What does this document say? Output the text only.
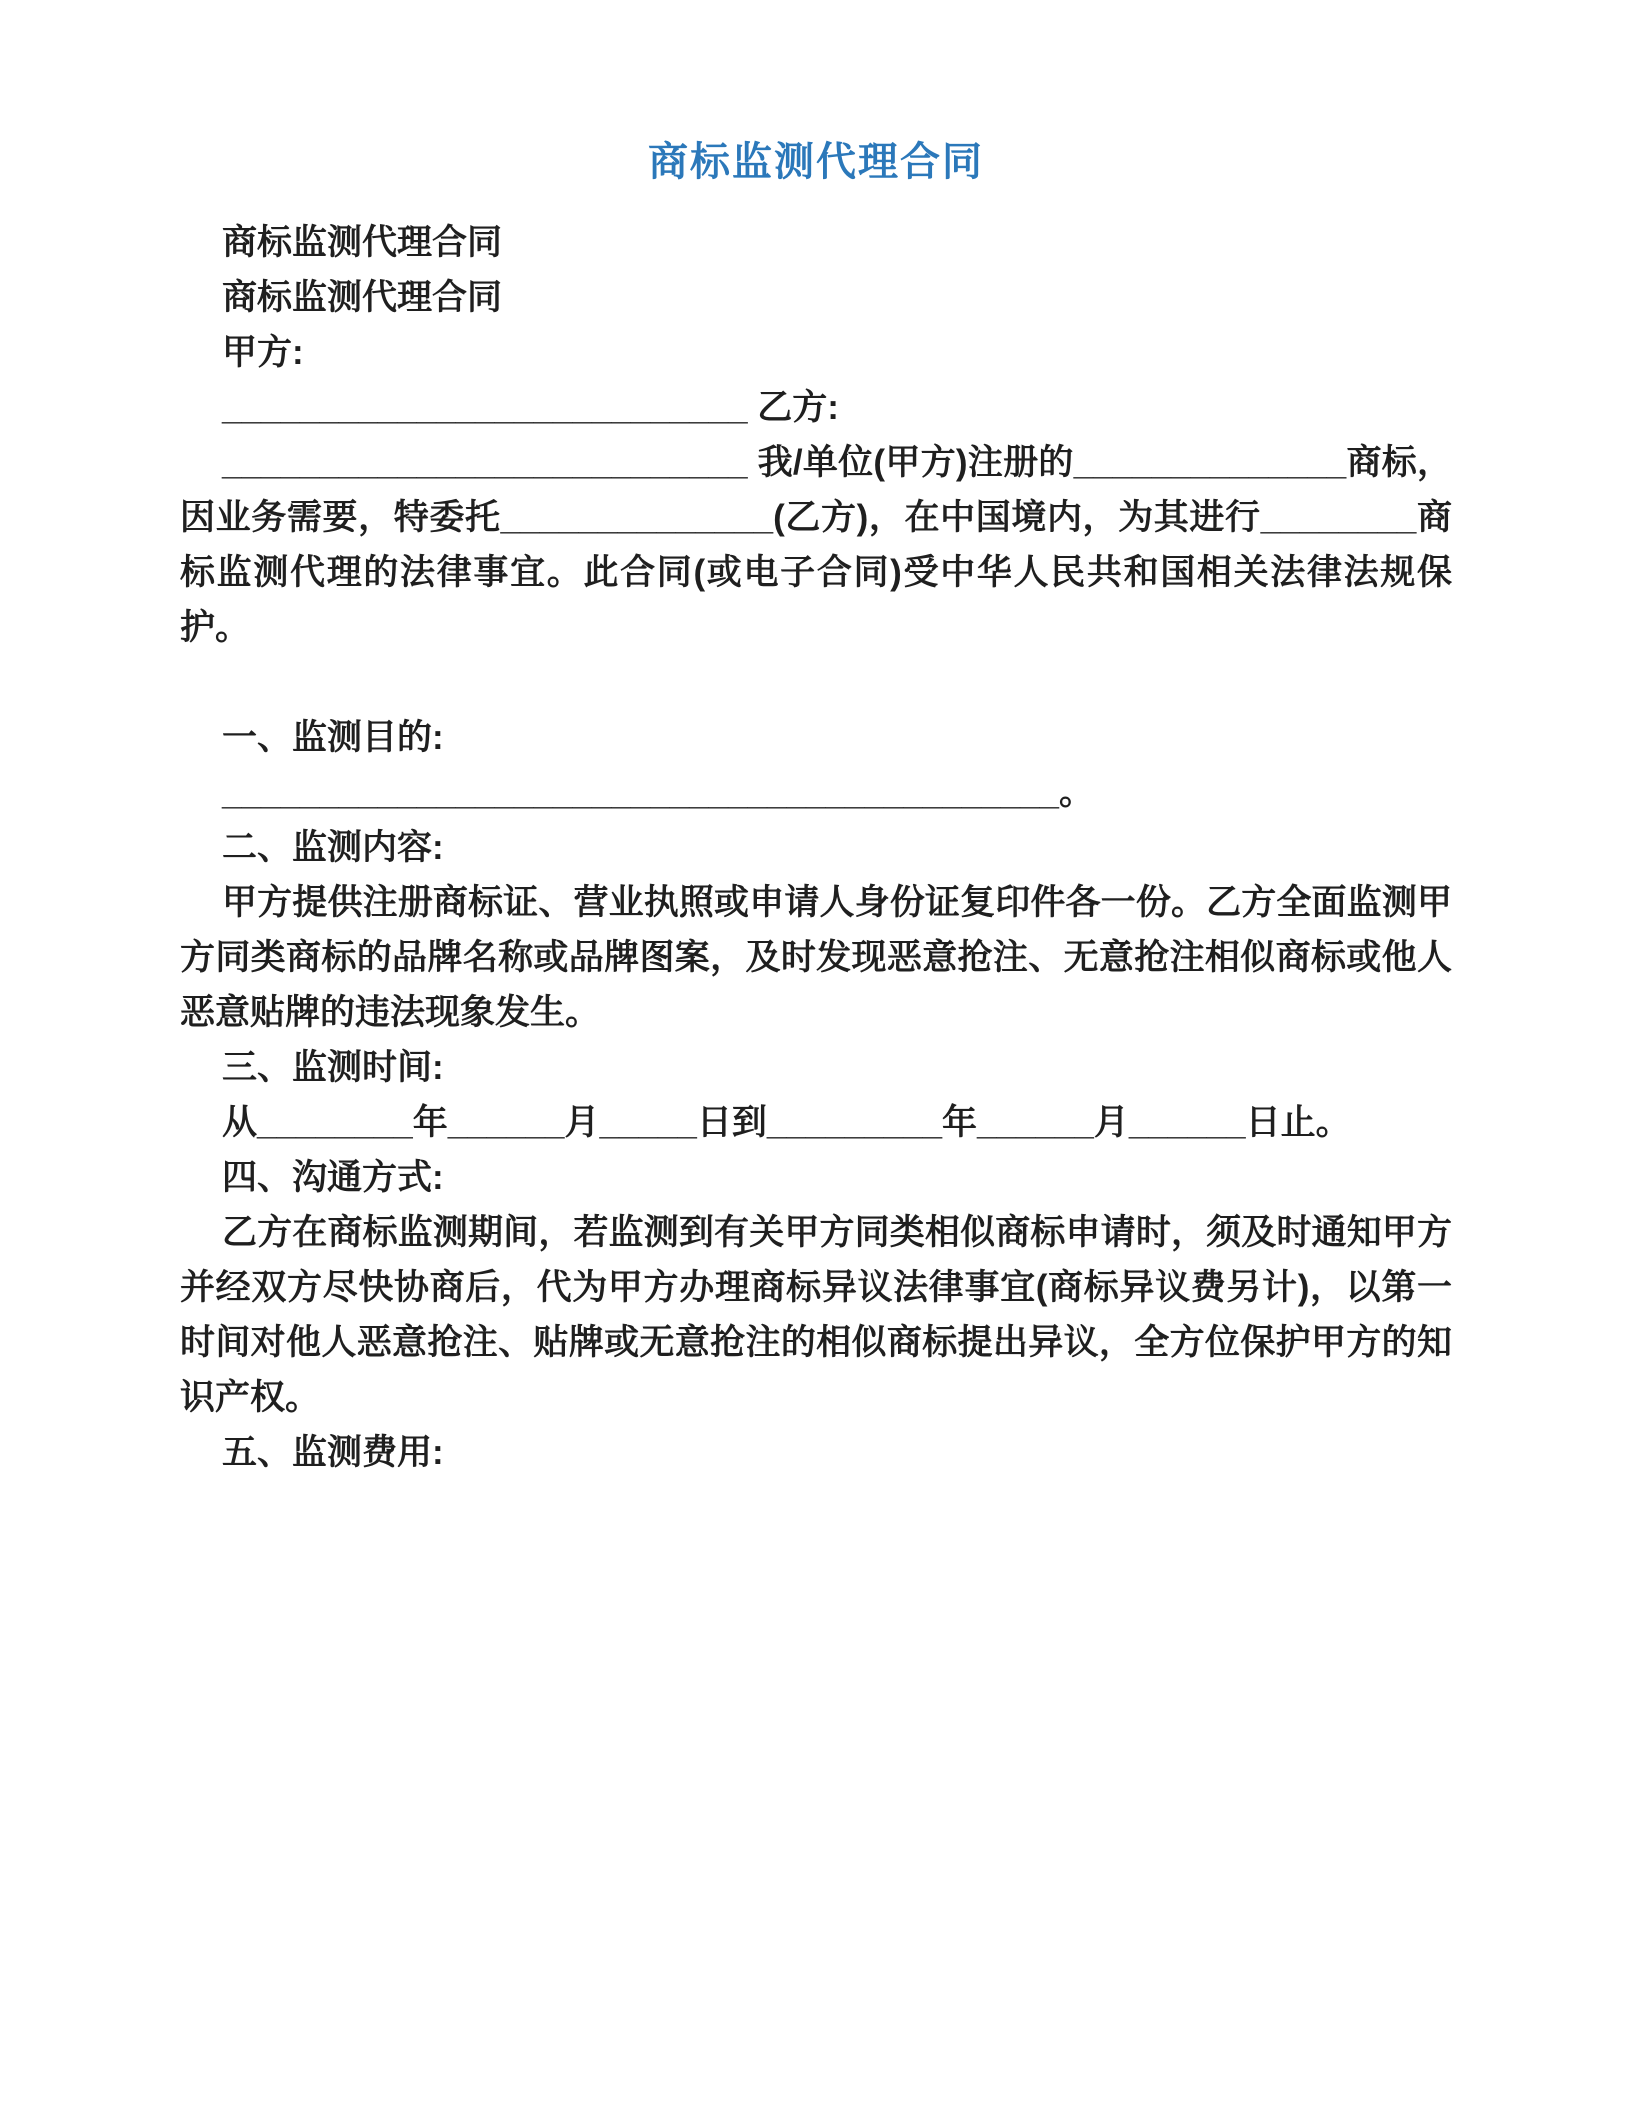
商标监测代理合同

商标监测代理合同

商标监测代理合同

甲方:

___________________________ 乙方:

___________________________ 我/单位(甲方)注册的______________商标，因业务需要，特委托______________(乙方)，在中国境内，为其进行________商标监测代理的法律事宜。此合同(或电子合同)受中华人民共和国相关法律法规保护。

一、监测目的:

___________________________________________。

二、监测内容:

甲方提供注册商标证、营业执照或申请人身份证复印件各一份。乙方全面监测甲方同类商标的品牌名称或品牌图案，及时发现恶意抢注、无意抢注相似商标或他人恶意贴牌的违法现象发生。

三、监测时间:

从________年______月_____日到_________年______月______日止。

四、沟通方式:

乙方在商标监测期间，若监测到有关甲方同类相似商标申请时，须及时通知甲方并经双方尽快协商后，代为甲方办理商标异议法律事宜(商标异议费另计)，以第一时间对他人恶意抢注、贴牌或无意抢注的相似商标提出异议，全方位保护甲方的知识产权。

五、监测费用:
